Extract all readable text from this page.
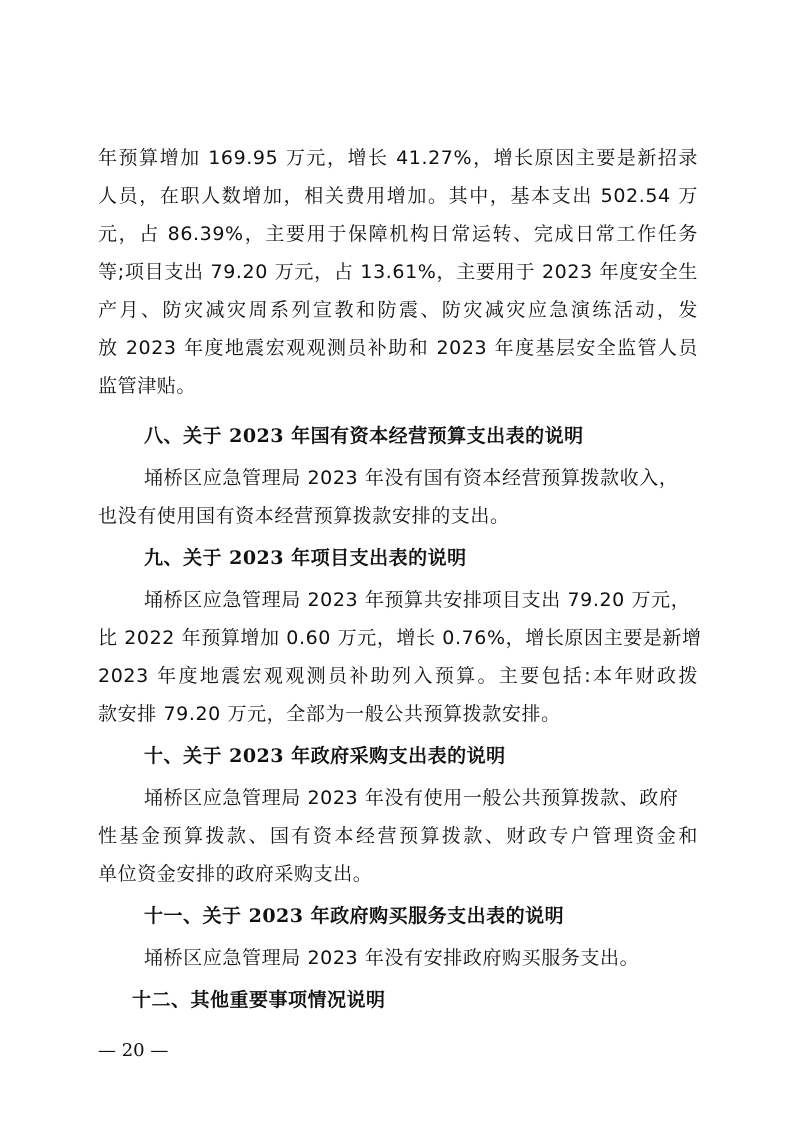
年预算增加 169.95 万元，增长 41.27%，增长原因主要是新招录
人员，在职人数增加，相关费用增加。其中，基本支出 502.54 万
元，占 86.39%，主要用于保障机构日常运转、完成日常工作任务
等;项目支出 79.20 万元，占 13.61%，主要用于 2023 年度安全生
产月、防灾减灾周系列宣教和防震、防灾减灾应急演练活动，发
放 2023 年度地震宏观观测员补助和 2023 年度基层安全监管人员
监管津贴。
八、关于 2023 年国有资本经营预算支出表的说明
埇桥区应急管理局 2023 年没有国有资本经营预算拨款收入，
也没有使用国有资本经营预算拨款安排的支出。
九、关于 2023 年项目支出表的说明
埇桥区应急管理局 2023 年预算共安排项目支出 79.20 万元，
比 2022 年预算增加 0.60 万元，增长 0.76%，增长原因主要是新增
2023 年度地震宏观观测员补助列入预算。主要包括:本年财政拨
款安排 79.20 万元，全部为一般公共预算拨款安排。
十、关于 2023 年政府采购支出表的说明
埇桥区应急管理局 2023 年没有使用一般公共预算拨款、政府
性基金预算拨款、国有资本经营预算拨款、财政专户管理资金和
单位资金安排的政府采购支出。
十一、关于 2023 年政府购买服务支出表的说明
埇桥区应急管理局 2023 年没有安排政府购买服务支出。
十二、其他重要事项情况说明
— 20 —
